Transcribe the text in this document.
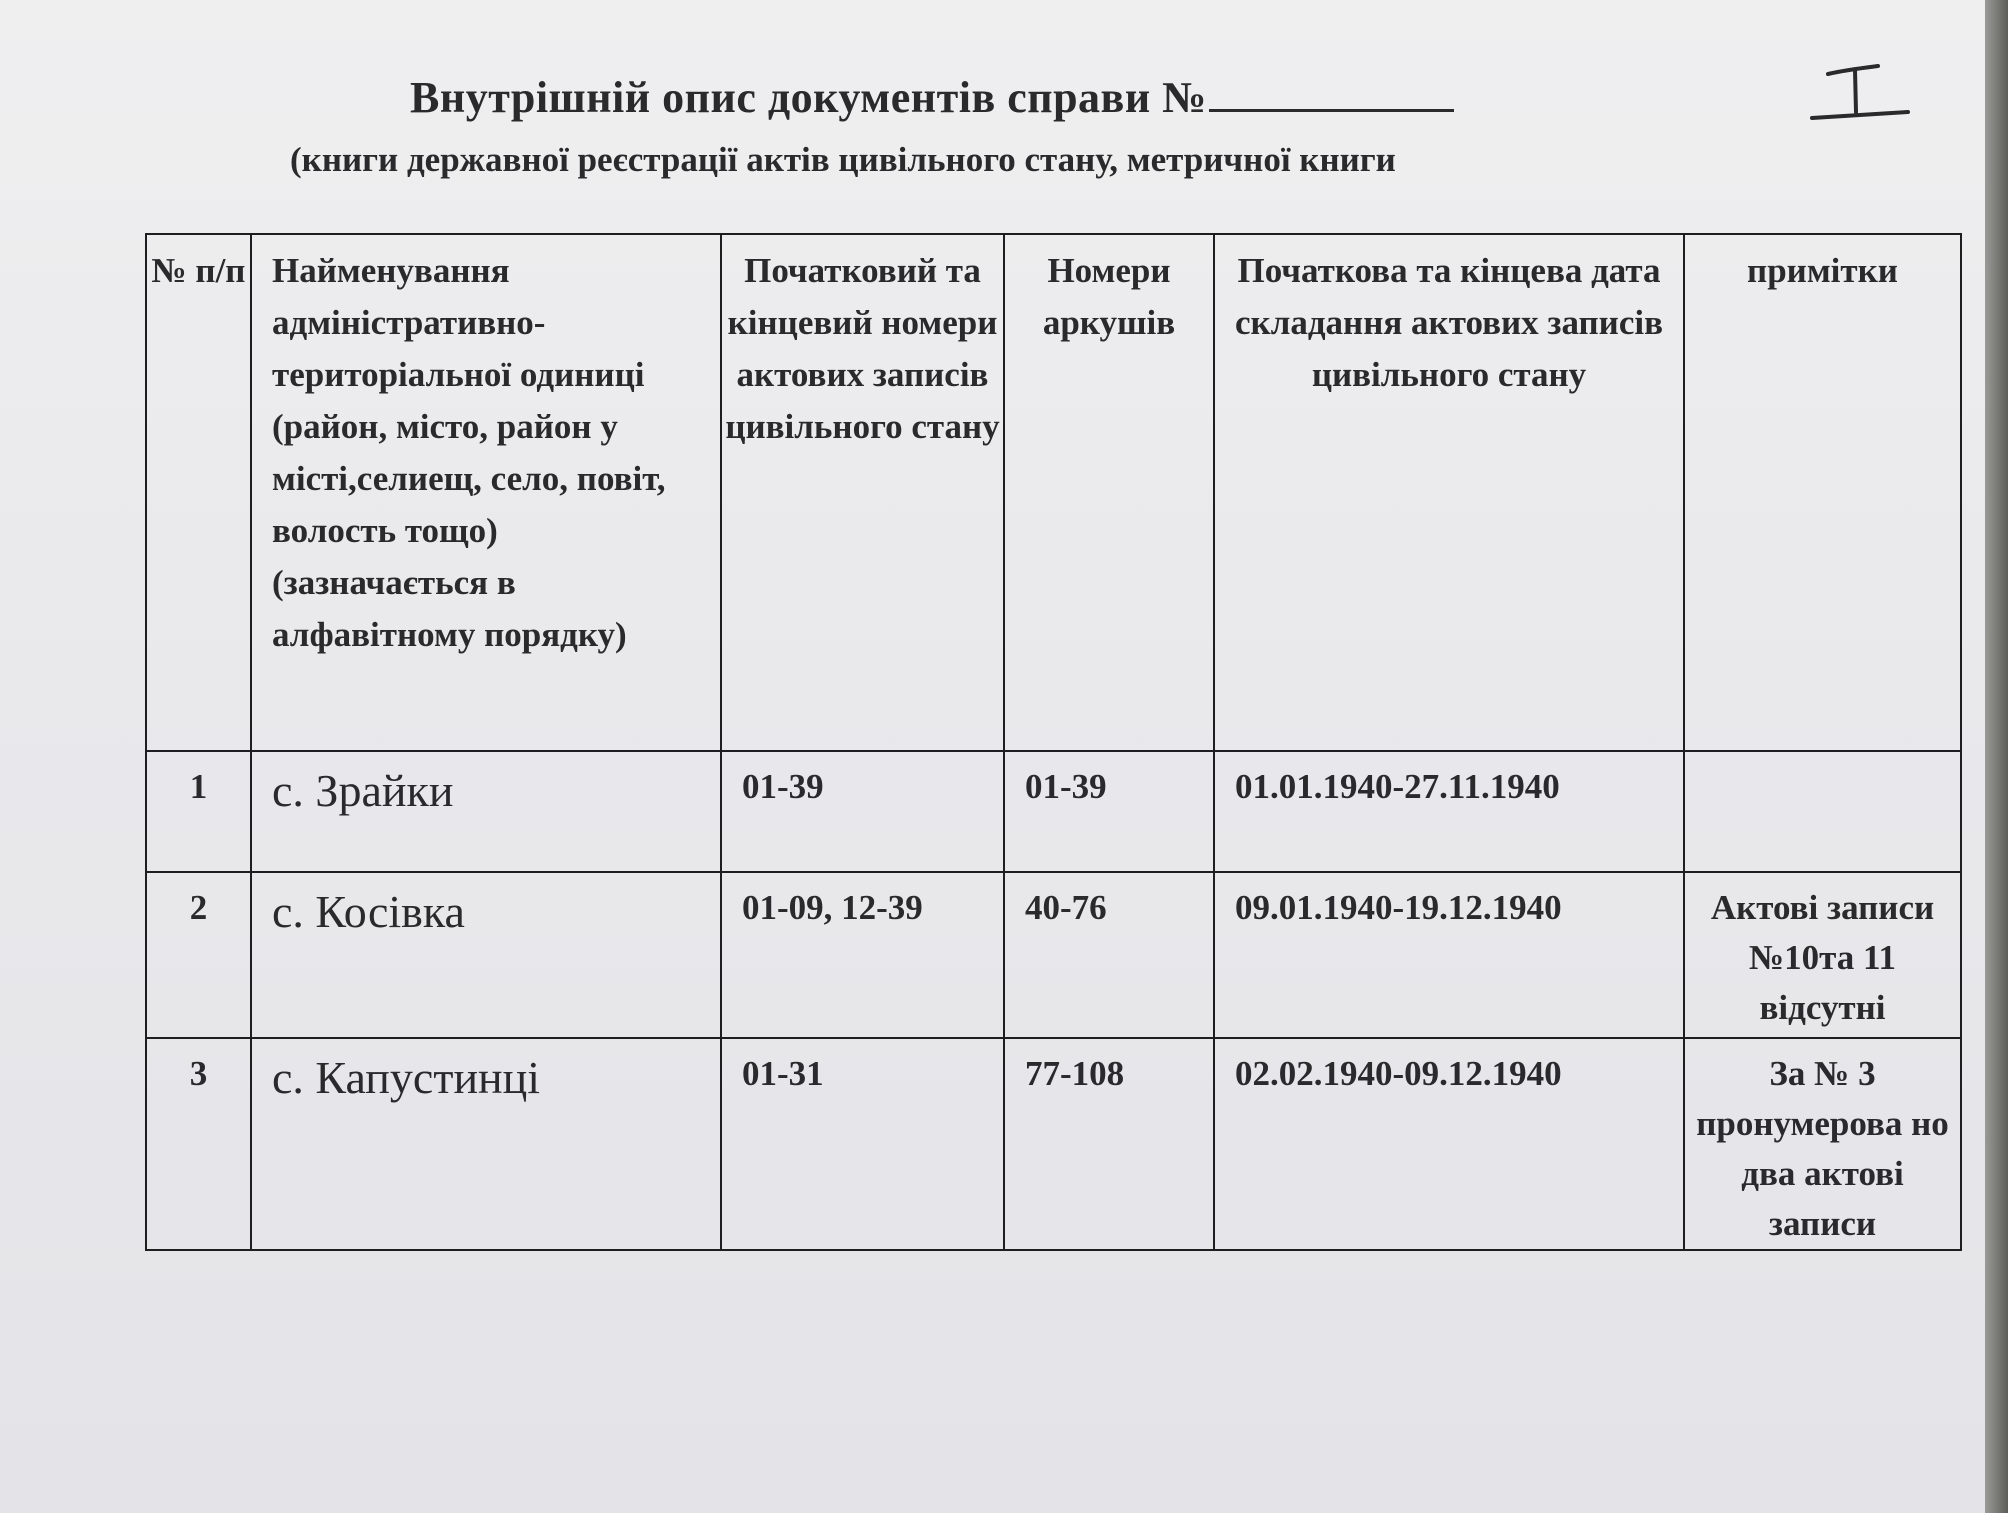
Внутрішній опис документів справи №
(книги державної реєстрації актів цивільного стану, метричної книги
I
№ п/п	Найменування адміністративно-територіальної одиниці (район, місто, район у місті,селиещ, село, повіт, волость тощо) (зазначається в алфавітному порядку)	Початковий та кінцевий номери актових записів цивільного стану	Номери аркушів	Початкова та кінцева дата складання актових записів цивільного стану	примітки
1	с. Зрайки	01-39	01-39	01.01.1940-27.11.1940	
2	с. Косівка	01-09, 12-39	40-76	09.01.1940-19.12.1940	Актові записи №10та 11 відсутні
3	с. Капустинці	01-31	77-108	02.02.1940-09.12.1940	За № 3 пронумерова но два актові записи
